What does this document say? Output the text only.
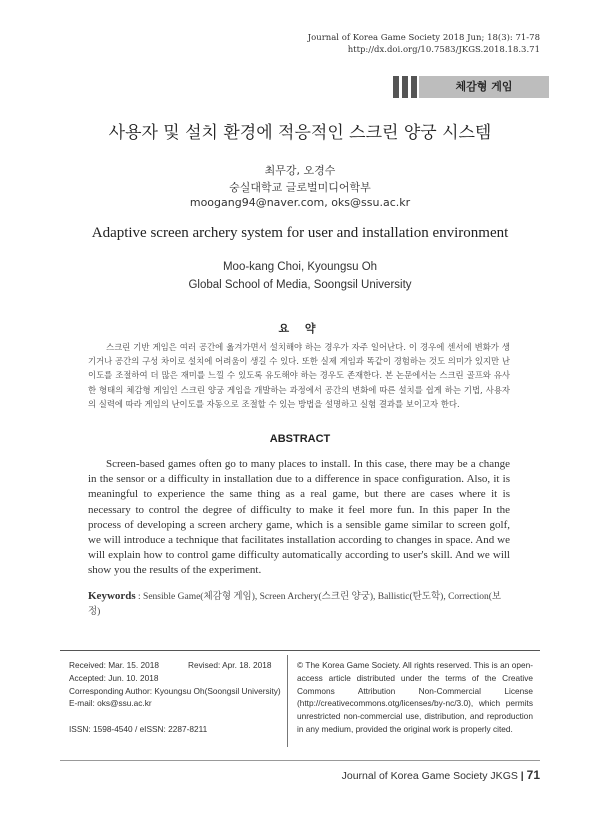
Journal of Korea Game Society 2018 Jun; 18(3): 71-78
http://dx.doi.org/10.7583/JKGS.2018.18.3.71
체감형 게임
사용자 및 설치 환경에 적응적인 스크린 양궁 시스템
최무강, 오경수
숭실대학교 글로벌미디어학부
moogang94@naver.com, oks@ssu.ac.kr
Adaptive screen archery system for user and installation environment
Moo-kang Choi, Kyoungsu Oh
Global School of Media, Soongsil University
요 약

스크린 기반 게임은 여러 공간에 옮겨가면서 설치해야 하는 경우가 자주 일어난다. 이 경우에 센서에 변화가 생기거나 공간의 구성 차이로 설치에 어려움이 생길 수 있다. 또한 실제 게임과 똑같이 경험하는 것도 의미가 있지만 난이도를 조절하여 더 많은 재미를 느낄 수 있도록 유도해야 하는 경우도 존재한다. 본 논문에서는 스크린 골프와 유사한 형태의 체감형 게임인 스크린 양궁 게임을 개발하는 과정에서 공간의 변화에 따른 설치를 쉽게 하는 기법, 사용자의 실력에 따라 게임의 난이도를 자동으로 조절할 수 있는 방법을 설명하고 실험 결과를 보이고자 한다.

ABSTRACT

Screen-based games often go to many places to install. In this case, there may be a change in the sensor or a difficulty in installation due to a difference in space configuration. Also, it is meaningful to experience the same thing as a real game, but there are cases where it is necessary to control the degree of difficulty to make it feel more fun. In this paper In the process of developing a screen archery game, which is a sensible game similar to screen golf, we will introduce a technique that facilitates installation according to changes in space. And we will explain how to control game difficulty automatically according to user's skill. And we will show you the results of the experiment.

Keywords : Sensible Game(체감형 게임), Screen Archery(스크린 양궁), Ballistic(탄도학), Correction(보정)
Received: Mar. 15. 2018	Revised: Apr. 18. 2018
Accepted: Jun. 10. 2018
Corresponding Author: Kyoungsu Oh(Soongsil University)
E-mail: oks@ssu.ac.kr
ISSN: 1598-4540 / eISSN: 2287-8211
© The Korea Game Society. All rights reserved. This is an open-access article distributed under the terms of the Creative Commons Attribution Non-Commercial License (http://creativecommons.otg/licenses/by-nc/3.0), which permits unrestricted non-commercial use, distribution, and reproduction in any medium, provided the original work is properly cited.
Journal of Korea Game Society JKGS | 71
